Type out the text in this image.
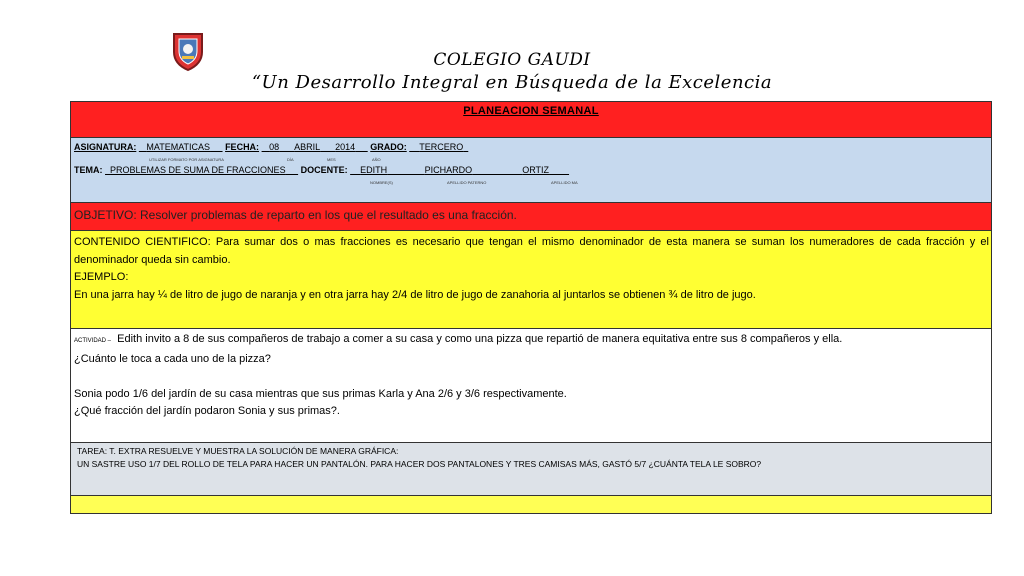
COLEGIO GAUDI
“Un Desarrollo Integral en Búsqueda de la Excelencia
PLANEACION SEMANAL
ASIGNATURA: MATEMATICAS FECHA: 08 ABRIL 2014 GRADO: TERCERO
UTILIZAR FORMATO POR ASIGNATURA	DÍA	MES	AÑO
TEMA: PROBLEMAS DE SUMA DE FRACCIONES DOCENTE: EDITH	PICHARDO	ORTIZ
NOMBRE(S)	APELLIDO PATERNO	APELLIDO MA
OBJETIVO: Resolver problemas de reparto en los que el resultado es una fracción.
CONTENIDO CIENTIFICO: Para sumar dos o mas fracciones es necesario que tengan el mismo denominador de esta manera se suman los numeradores de cada fracción y el denominador queda sin cambio.
EJEMPLO:
En una jarra hay ¼ de litro de jugo de naranja y en otra jarra hay 2/4 de litro de jugo de zanahoria al juntarlos se obtienen ¾ de litro de jugo.
ACTIVIDAD – Edith invito a 8 de sus compañeros de trabajo a comer a su casa y como una pizza que repartió de manera equitativa entre sus 8 compañeros y ella.
¿Cuánto le toca a cada uno de la pizza?
Sonia podo 1/6 del jardín de su casa mientras que sus primas Karla y Ana 2/6 y 3/6 respectivamente.
¿Qué fracción del jardín podaron Sonia y sus primas?.
TAREA: T. EXTRA RESUELVE Y MUESTRA LA SOLUCIÓN DE MANERA GRÁFICA:
UN SASTRE USO 1/7 DEL ROLLO DE TELA PARA HACER UN PANTALÓN. PARA HACER DOS PANTALONES Y TRES CAMISAS MÁS, GASTÓ 5/7 ¿CUÁNTA TELA LE SOBRO?
